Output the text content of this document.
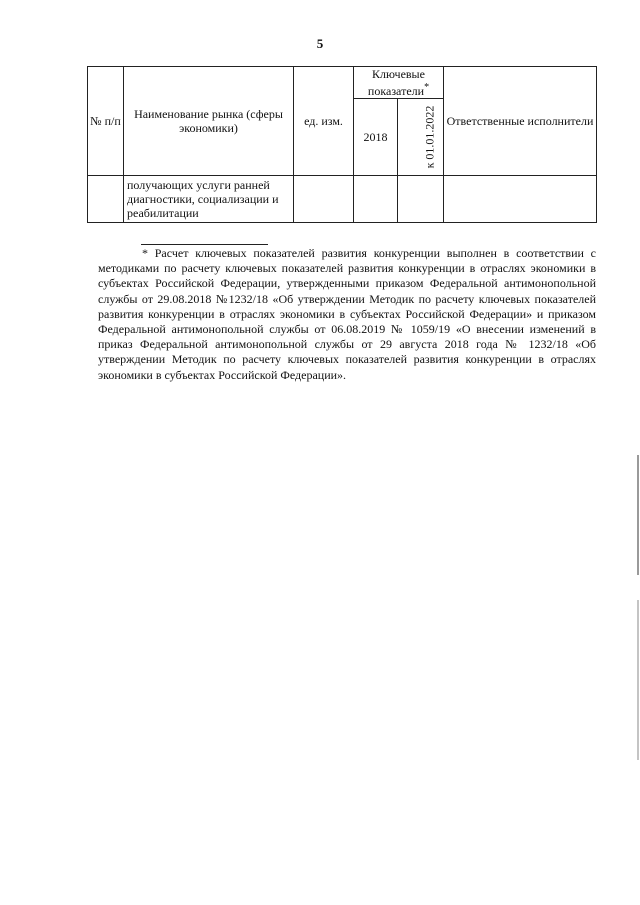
5
№ п/п	Наименование рынка (сферы экономики)	ед. изм.	Ключевые показатели*		Ответственные исполнители
			2018	к 01.01.2022	
	получающих услуги ранней диагностики, социализации и реабилитации				
* Расчет ключевых показателей развития конкуренции выполнен в соответствии с методиками по расчету ключевых показателей развития конкуренции в отраслях экономики в субъектах Российской Федерации, утвержденными приказом Федеральной антимонопольной службы от 29.08.2018 №1232/18 «Об утверждении Методик по расчету ключевых показателей развития конкуренции в отраслях экономики в субъектах Российской Федерации» и приказом Федеральной антимонопольной службы от 06.08.2019 № 1059/19 «О внесении изменений в приказ Федеральной антимонопольной службы от 29 августа 2018 года № 1232/18 «Об утверждении Методик по расчету ключевых показателей развития конкуренции в отраслях экономики в субъектах Российской Федерации».
